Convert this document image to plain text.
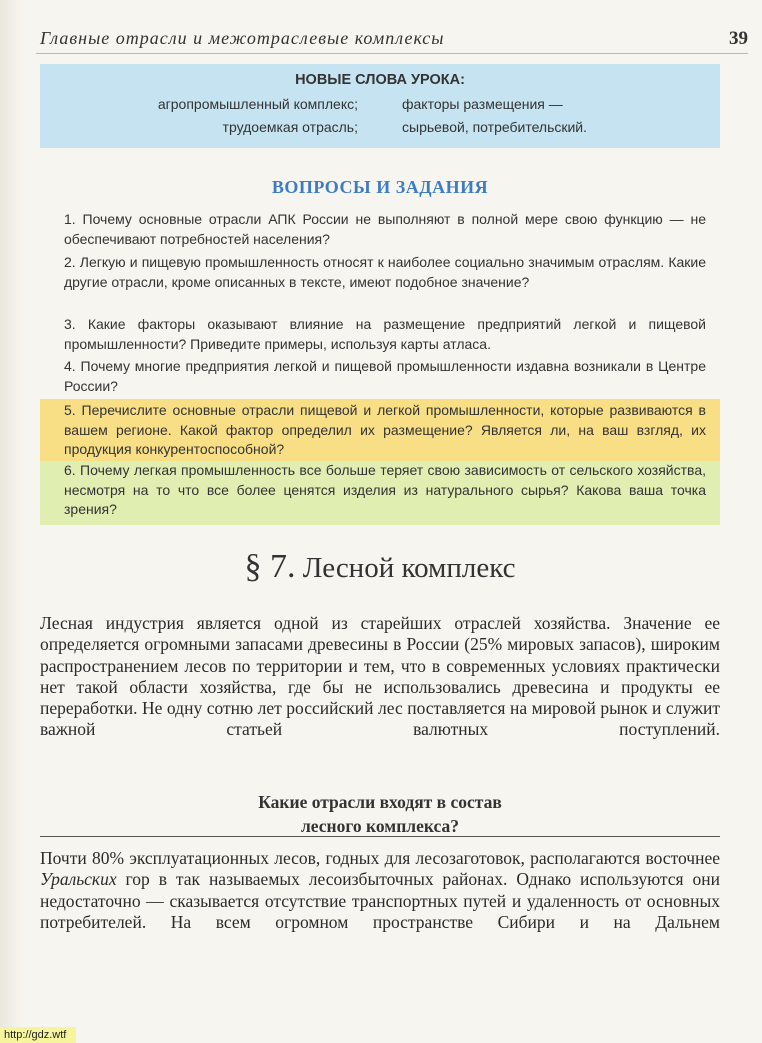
Главные отрасли и межотраслевые комплексы	39
НОВЫЕ СЛОВА УРОКА:
агропромышленный комплекс;	факторы размещения —
трудоемкая отрасль;	сырьевой, потребительский.
ВОПРОСЫ И ЗАДАНИЯ
1. Почему основные отрасли АПК России не выполняют в полной мере свою функцию — не обеспечивают потребностей населения?
2. Легкую и пищевую промышленность относят к наиболее социально значимым отраслям. Какие другие отрасли, кроме описанных в тексте, имеют подобное значение?
3. Какие факторы оказывают влияние на размещение предприятий легкой и пищевой промышленности? Приведите примеры, используя карты атласа.
4. Почему многие предприятия легкой и пищевой промышленности издавна возникали в Центре России?
5. Перечислите основные отрасли пищевой и легкой промышленности, которые развиваются в вашем регионе. Какой фактор определил их размещение? Является ли, на ваш взгляд, их продукция конкурентоспособной?
6. Почему легкая промышленность все больше теряет свою зависимость от сельского хозяйства, несмотря на то что все более ценятся изделия из натурального сырья? Какова ваша точка зрения?
§ 7. Лесной комплекс
Лесная индустрия является одной из старейших отраслей хозяйства. Значение ее определяется огромными запасами древесины в России (25% мировых запасов), широким распространением лесов по территории и тем, что в современных условиях практически нет такой области хозяйства, где бы не использовались древесина и продукты ее переработки. Не одну сотню лет российский лес поставляется на мировой рынок и служит важной статьей валютных поступлений.
Какие отрасли входят в состав
лесного комплекса?
Почти 80% эксплуатационных лесов, годных для лесозаготовок, располагаются восточнее Уральских гор в так называемых лесоизбыточных районах. Однако используются они недостаточно — сказывается отсутствие транспортных путей и удаленность от основных потребителей. На всем огромном пространстве Сибири и на Дальнем
http://gdz.wtf
